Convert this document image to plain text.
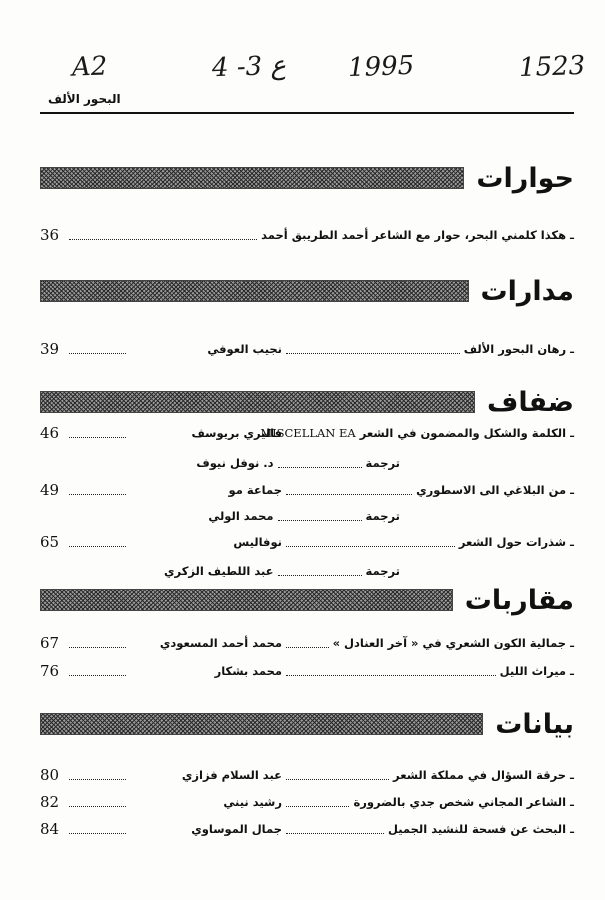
1523
1995
ع 3- 4
A2
البحور الألف
حوارات
ـ هكذا كلمني البحر، حوار مع الشاعر أحمد الطريبق أحمد
36
مدارات
ـ رهان البحور الألف
نجيب العوفي
39
ضفاف
ـ الكلمة والشكل والمضمون في الشعر
MISCELLAN EA
فاليري بريوسف
46
ترجمة
د. نوفل نيوف
ـ من البلاغي الى الاسطوري
جماعة مو
49
ترجمة
محمد الولي
ـ شذرات حول الشعر
نوفاليس
65
ترجمة
عبد اللطيف الزكري
مقاربات
ـ جمالية الكون الشعري في « آخر العنادل »
محمد أحمد المسعودي
67
ـ ميراث الليل
محمد بشكار
76
بيانات
ـ حرقة السؤال في مملكة الشعر
عبد السلام فزازي
80
ـ الشاعر المجاني شخص جدي بالضرورة
رشيد نيني
82
ـ البحث عن فسحة للنشيد الجميل
جمال الموساوي
84
